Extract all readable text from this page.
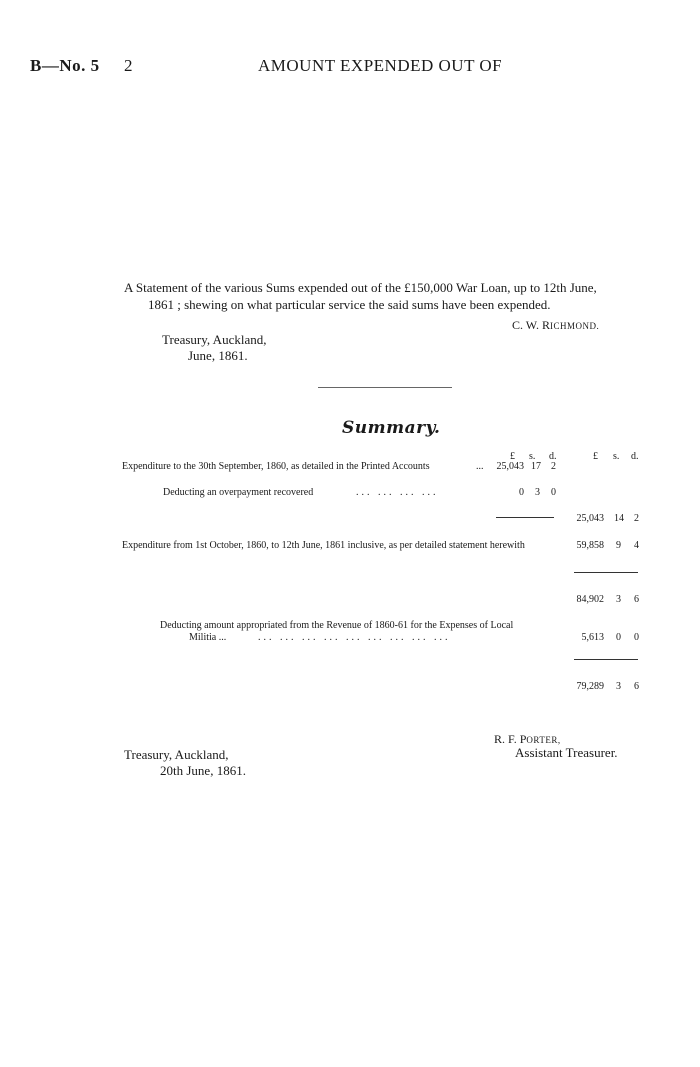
B—No. 5 2	AMOUNT EXPENDED OUT OF
A Statement of the various Sums expended out of the £150,000 War Loan, up to 12th June,
1861 ; shewing on what particular service the said sums have been expended.
C. W. RICHMOND.
Treasury, Auckland,
June, 1861.
Summary.
£ s. d.	£ s. d.
Expenditure to the 30th September, 1860, as detailed in the Printed Accounts	...	25,043 17 2
Deducting an overpayment recovered	... ... ... ...	0 3 0
25,043 14 2
Expenditure from 1st October, 1860, to 12th June, 1861 inclusive, as per detailed statement herewith	59,858 9 4
84,902 3 6
Deducting amount appropriated from the Revenue of 1860-61 for the Expenses of Local
Militia ...	... ... ... ... ... ... ... ... ...	5,613 0 0
79,289 3 6
R. F. PORTER,
Assistant Treasurer.
Treasury, Auckland,
20th June, 1861.
